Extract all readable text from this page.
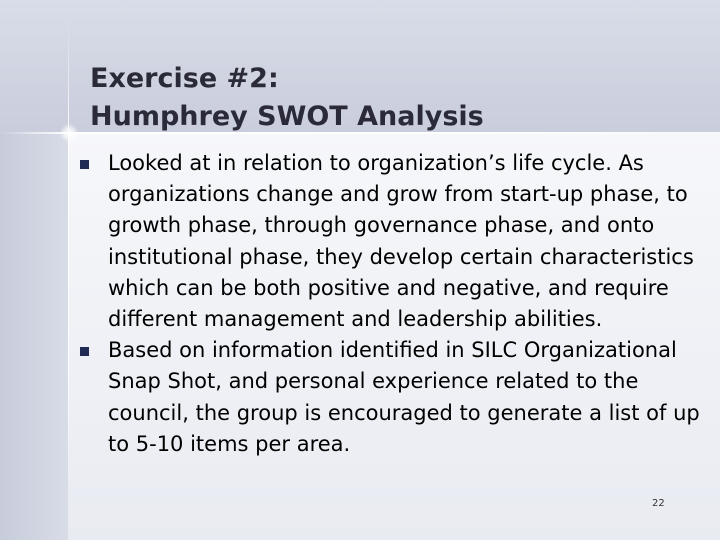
Exercise #2:
Humphrey SWOT Analysis
Looked at in relation to organization’s life cycle. As organizations change and grow from start-up phase, to growth phase, through governance phase, and onto institutional phase, they develop certain characteristics which can be both positive and negative, and require different management and leadership abilities.
Based on information identified in SILC Organizational Snap Shot, and personal experience related to the council, the group is encouraged to generate a list of up to 5-10 items per area.
22
